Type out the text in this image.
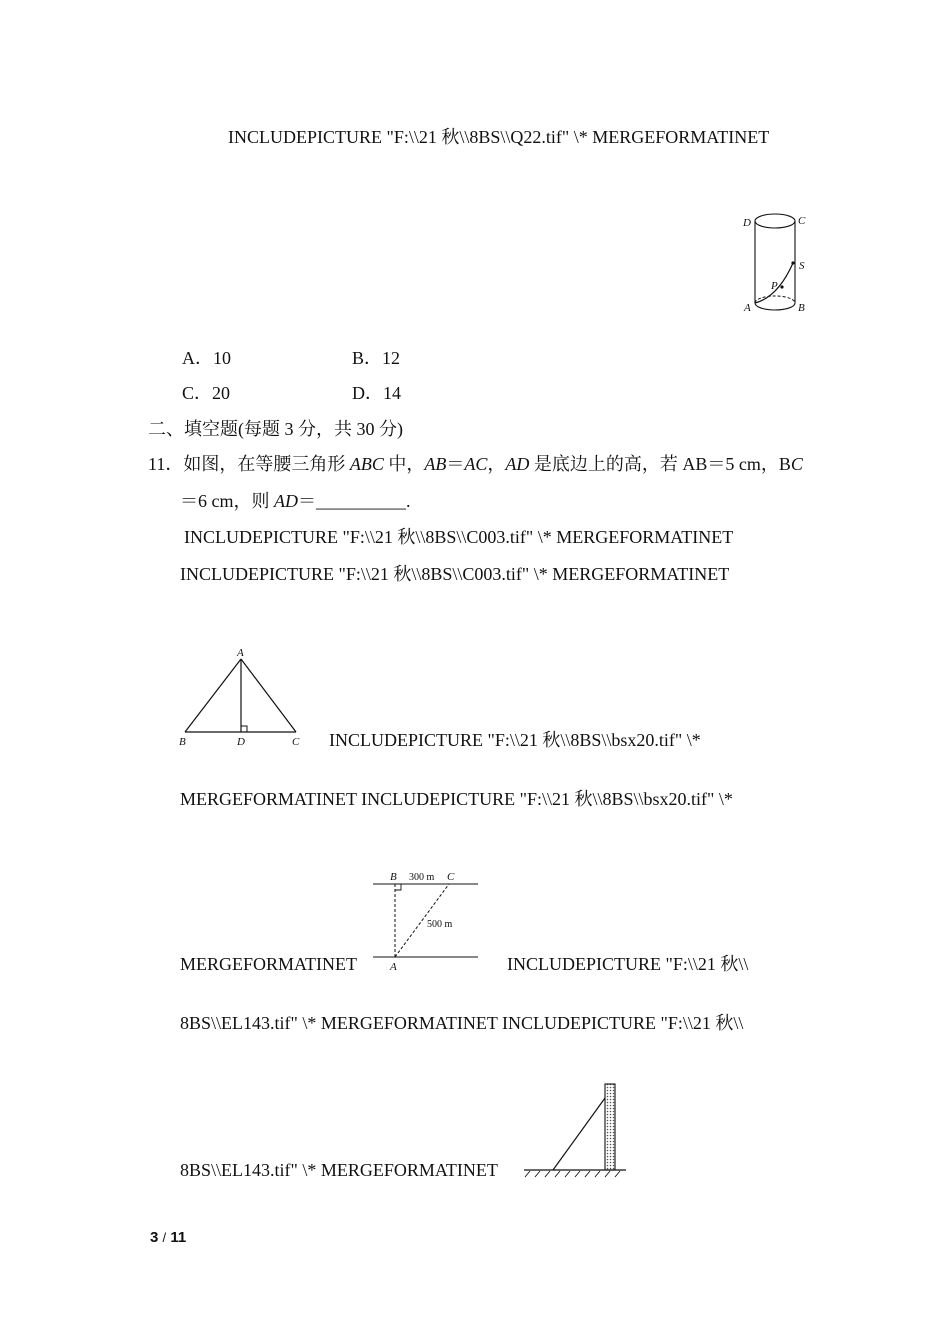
INCLUDEPICTURE "F:\\21 秋\\8BS\\Q22.tif" \* MERGEFORMATINET
D	C
S
P
A	B
A．10	B．12
C．20	D．14
二、填空题(每题 3 分，共 30 分)
11．如图，在等腰三角形 ABC 中，AB＝AC，AD 是底边上的高，若 AB＝5 cm，BC
＝6 cm，则 AD＝__________.
INCLUDEPICTURE "F:\\21 秋\\8BS\\C003.tif" \* MERGEFORMATINET
INCLUDEPICTURE "F:\\21 秋\\8BS\\C003.tif" \* MERGEFORMATINET
A
B	D	C INCLUDEPICTURE "F:\\21 秋\\8BS\\bsx20.tif" \*
MERGEFORMATINET INCLUDEPICTURE "F:\\21 秋\\8BS\\bsx20.tif" \*
MERGEFORMATINET
B 300 m C
500 m
A	INCLUDEPICTURE "F:\\21 秋\\
8BS\\EL143.tif" \* MERGEFORMATINET INCLUDEPICTURE "F:\\21 秋\\
8BS\\EL143.tif" \* MERGEFORMATINET
3 / 11
